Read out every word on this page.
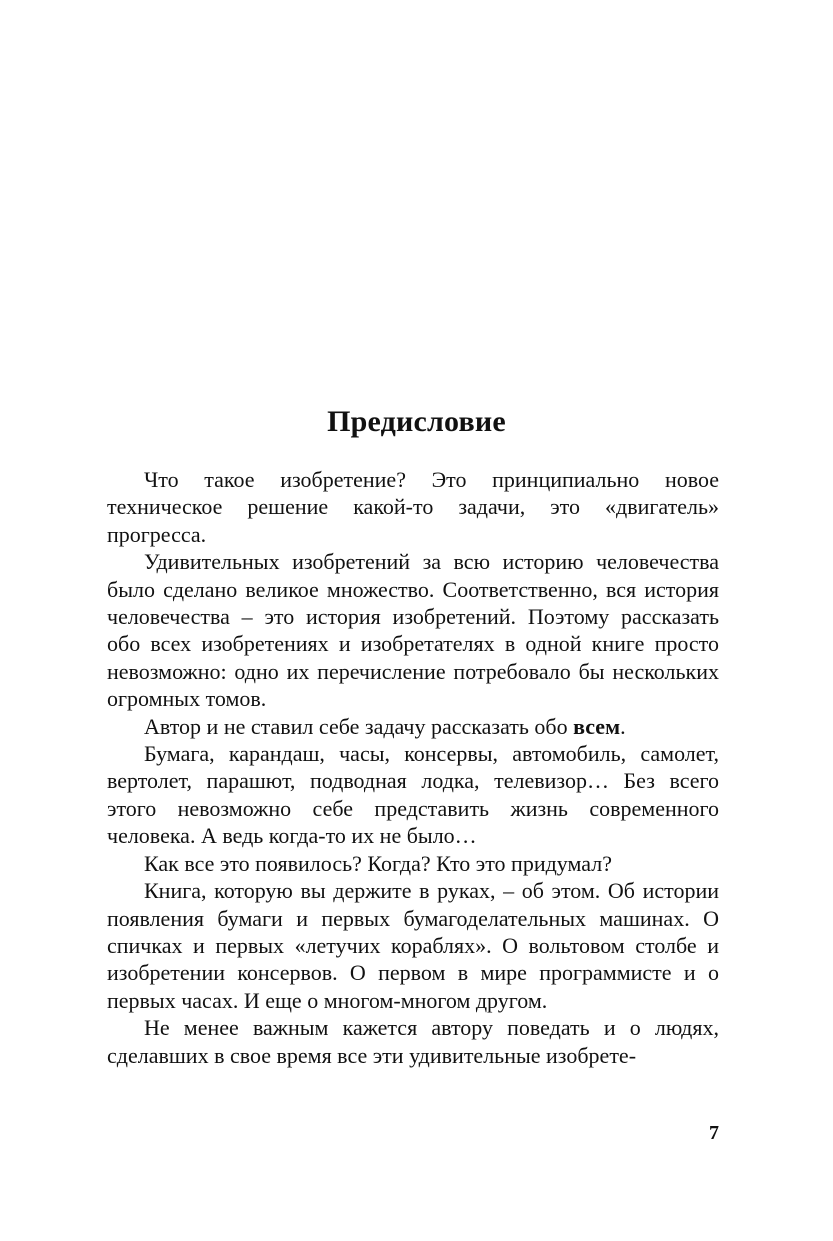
Предисловие

Что такое изобретение? Это принципиально новое техническое решение какой-то задачи, это «двигатель» прогресса.

Удивительных изобретений за всю историю человечества было сделано великое множество. Соответственно, вся история человечества – это история изобретений. Поэтому рассказать обо всех изобретениях и изобретателях в одной книге просто невозможно: одно их перечисление потребовало бы нескольких огромных томов.

Автор и не ставил себе задачу рассказать обо всем.

Бумага, карандаш, часы, консервы, автомобиль, самолет, вертолет, парашют, подводная лодка, телевизор… Без всего этого невозможно себе представить жизнь современного человека. А ведь когда-то их не было…

Как все это появилось? Когда? Кто это придумал?

Книга, которую вы держите в руках, – об этом. Об истории появления бумаги и первых бумагоделательных машинах. О спичках и первых «летучих кораблях». О вольтовом столбе и изобретении консервов. О первом в мире программисте и о первых часах. И еще о многом-многом другом.

Не менее важным кажется автору поведать и о людях, сделавших в свое время все эти удивительные изобрете-

7
